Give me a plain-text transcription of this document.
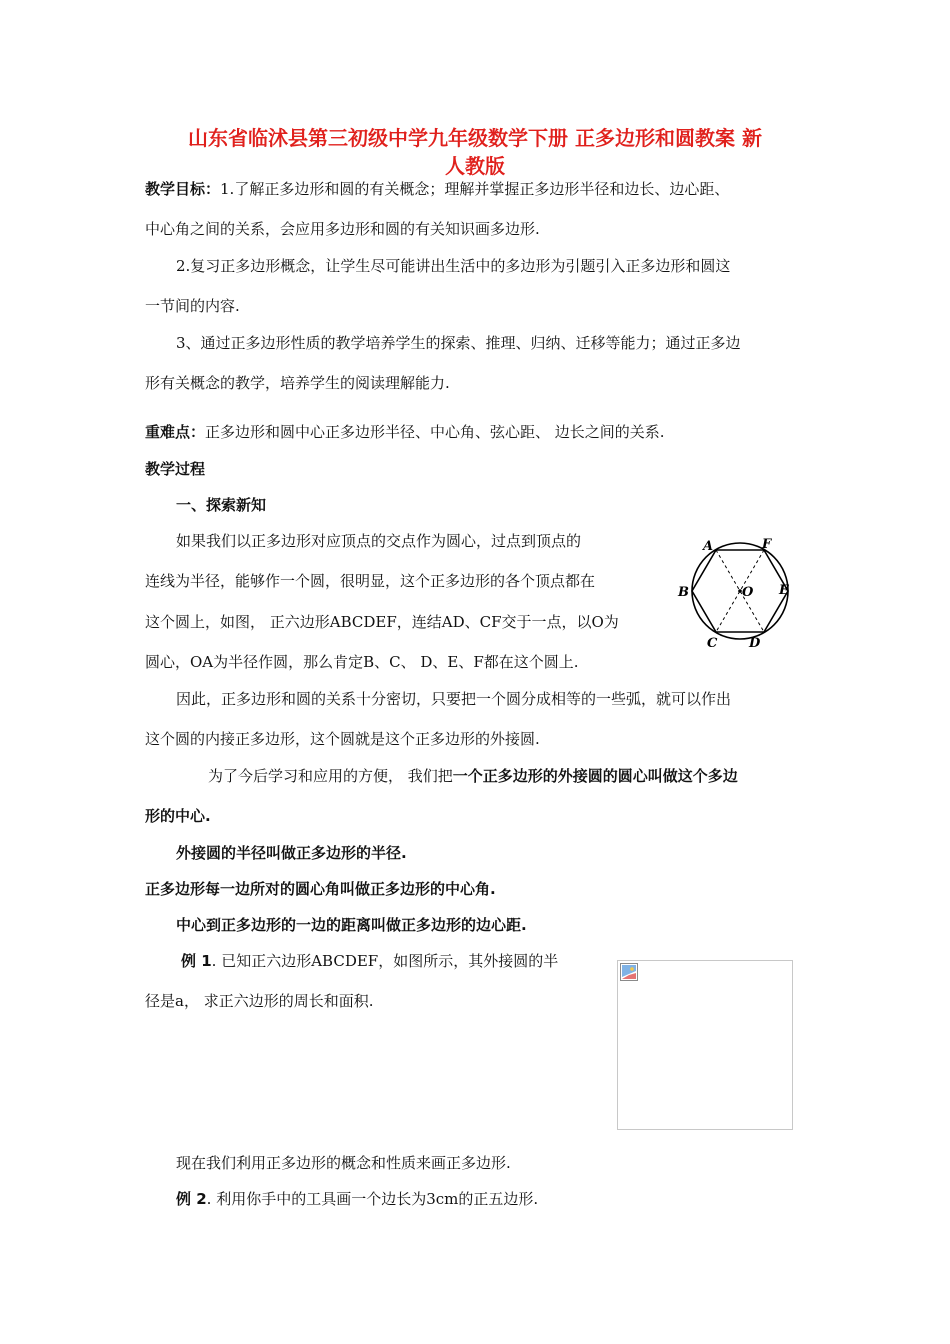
山东省临沭县第三初级中学九年级数学下册 正多边形和圆教案 新
人教版
教学目标：1.了解正多边形和圆的有关概念；理解并掌握正多边形半径和边长、边心距、
中心角之间的关系，会应用多边形和圆的有关知识画多边形.
2.复习正多边形概念，让学生尽可能讲出生活中的多边形为引题引入正多边形和圆这
一节间的内容.
3、通过正多边形性质的教学培养学生的探索、推理、归纳、迁移等能力；通过正多边
形有关概念的教学，培养学生的阅读理解能力.
重难点：正多边形和圆中心正多边形半径、中心角、弦心距、 边长之间的关系.
教学过程
一、探索新知
如果我们以正多边形对应顶点的交点作为圆心，过点到顶点的
连线为半径，能够作一个圆，很明显，这个正多边形的各个顶点都在
这个圆上，如图， 正六边形ABCDEF，连结AD、CF交于一点，以O为
圆心，OA为半径作圆，那么肯定B、C、 D、E、F都在这个圆上.
A	F
B	O E
C D
因此，正多边形和圆的关系十分密切，只要把一个圆分成相等的一些弧，就可以作出
这个圆的内接正多边形，这个圆就是这个正多边形的外接圆.
为了今后学习和应用的方便， 我们把一个正多边形的外接圆的圆心叫做这个多边
形的中心.
外接圆的半径叫做正多边形的半径.
正多边形每一边所对的圆心角叫做正多边形的中心角.
中心到正多边形的一边的距离叫做正多边形的边心距.
例 1. 已知正六边形ABCDEF，如图所示，其外接圆的半
径是a， 求正六边形的周长和面积.
现在我们利用正多边形的概念和性质来画正多边形.
例 2. 利用你手中的工具画一个边长为3cm的正五边形.
